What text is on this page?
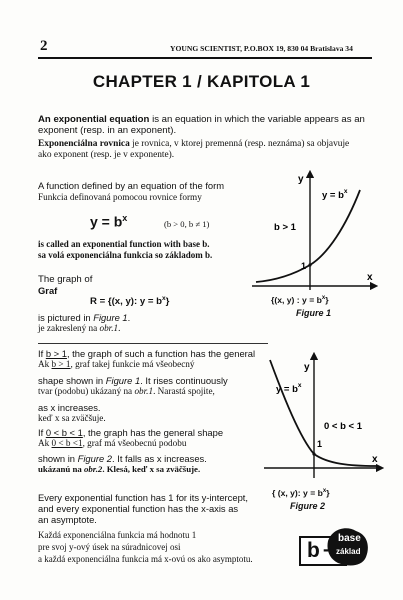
2	YOUNG SCIENTIST, P.O.BOX 19, 830 04 Bratislava 34
CHAPTER 1 / KAPITOLA 1
An exponential equation is an equation in which the variable appears as an
exponent (resp. in an exponent).
Exponenciálna rovnica je rovnica, v ktorej premenná (resp. neznáma) sa objavuje
ako exponent (resp. je v exponente).
A function defined by an equation of the form
Funkcia definovaná pomocou rovnice formy
$y = b^x$
(b > 0, b ≠ 1)
is called an exponential function with base b.
sa volá exponenciálna funkcia so základom b.
The graph of
Graf
R = {(x, y): $y = b^x$}
is pictured in Figure 1.
je zakreslený na obr.1.
If b > 1, the graph of such a function has the general
Ak b > 1, graf takej funkcie má všeobecný
shape shown in Figure 1. It rises continuously
tvar (podobu) ukázaný na obr.1. Narastá spojite,
as x increases.
keď x sa zväčšuje.
If 0 < b < 1, the graph has the general shape
Ak 0 < b <1, graf má všeobecnú podobu
shown in Figure 2. It falls as x increases.
ukázanú na obr.2. Klesá, keď x sa zväčšuje.
Every exponential function has 1 for its y-intercept,
and every exponential function has the x-axis as
an asymptote.
Každá exponenciálna funkcia má hodnotu 1
pre svoj y-ový úsek na súradnicovej osi
a každá exponenciálna funkcia má x-ovú os ako asymptotu.
y
x
$y = b^x$
b > 1
1
{(x, y) : $y = b^x$}
Figure 1
y
x
$y = b^x$
0 < b < 1
1
{ (x, y): $y = b^x$}
Figure 2
b -
base
základ
